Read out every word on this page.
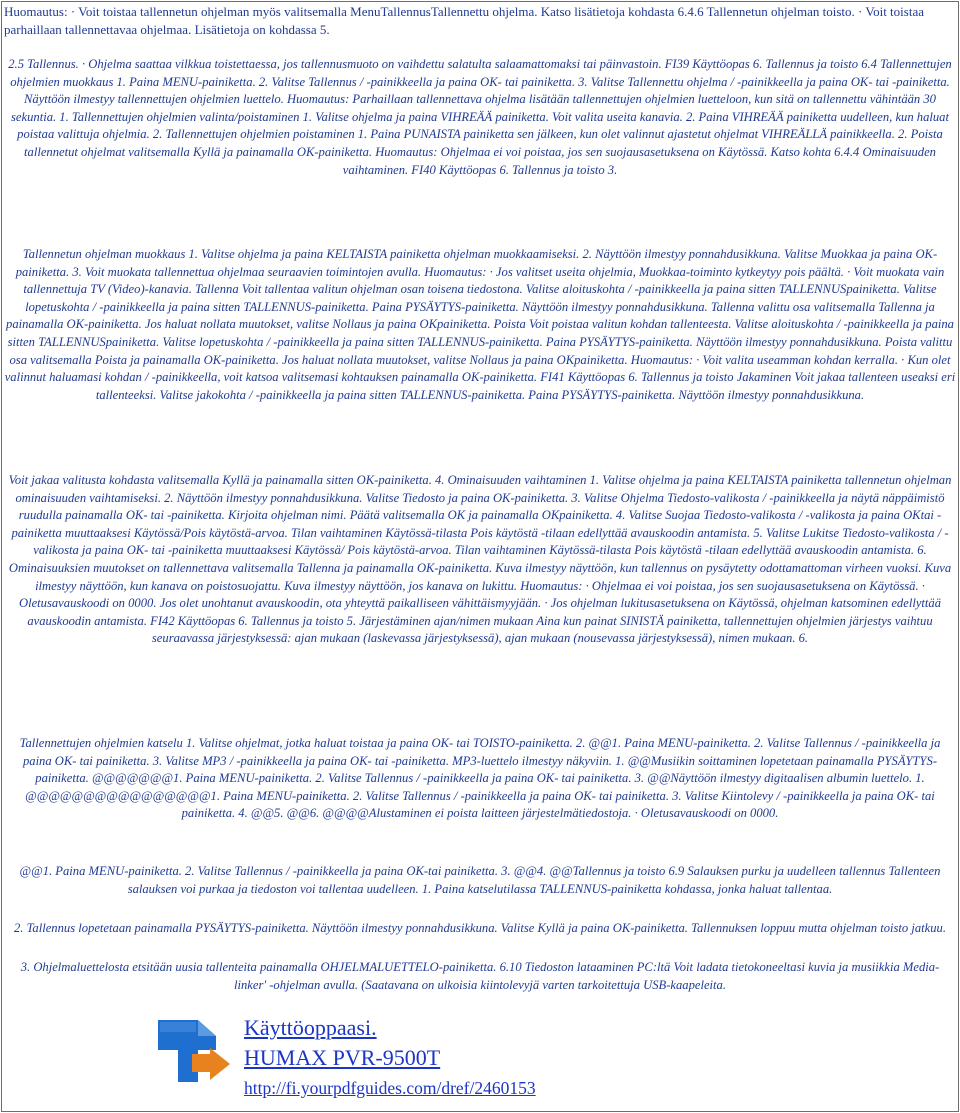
Huomautus: · Voit toistaa tallennetun ohjelman myös valitsemalla MenuTallennusTallennettu ohjelma. Katso lisätietoja kohdasta 6.4.6 Tallennetun ohjelman toisto. · Voit toistaa parhaillaan tallennettavaa ohjelmaa. Lisätietoja on kohdassa 5.

2.5 Tallennus. · Ohjelma saattaa vilkkua toistettaessa, jos tallennusmuoto on vaihdettu salatulta salaamattomaksi tai päinvastoin. FI39 Käyttöopas 6. Tallennus ja toisto 6.4 Tallennettujen ohjelmien muokkaus 1. Paina MENU-painiketta. 2. Valitse Tallennus / -painikkeella ja paina OK- tai painiketta. 3. Valitse Tallennettu ohjelma / -painikkeella ja paina OK- tai -painiketta. Näyttöön ilmestyy tallennettujen ohjelmien luettelo. Huomautus: Parhaillaan tallennettava ohjelma lisätään tallennettujen ohjelmien luetteloon, kun sitä on tallennettu vähintään 30 sekuntia. 1. Tallennettujen ohjelmien valinta/poistaminen 1. Valitse ohjelma ja paina VIHREÄÄ painiketta. Voit valita useita kanavia. 2. Paina VIHREÄÄ painiketta uudelleen, kun haluat poistaa valittuja ohjelmia. 2. Tallennettujen ohjelmien poistaminen 1. Paina PUNAISTA painiketta sen jälkeen, kun olet valinnut ajastetut ohjelmat VIHREÄLLÄ painikkeella. 2. Poista tallennetut ohjelmat valitsemalla Kyllä ja painamalla OK-painiketta. Huomautus: Ohjelmaa ei voi poistaa, jos sen suojausasetuksena on Käytössä. Katso kohta 6.4.4 Ominaisuuden vaihtaminen. FI40 Käyttöopas 6. Tallennus ja toisto 3.

Tallennetun ohjelman muokkaus 1. Valitse ohjelma ja paina KELTAISTA painiketta ohjelman muokkaamiseksi. 2. Näyttöön ilmestyy ponnahdusikkuna. Valitse Muokkaa ja paina OK-painiketta. 3. Voit muokata tallennettua ohjelmaa seuraavien toimintojen avulla. Huomautus: · Jos valitset useita ohjelmia, Muokkaa-toiminto kytkeytyy pois päältä. · Voit muokata vain tallennettuja TV (Video)-kanavia. Tallenna Voit tallentaa valitun ohjelman osan toisena tiedostona. Valitse aloituskohta / -painikkeella ja paina sitten TALLENNUSpainiketta. Valitse lopetuskohta / -painikkeella ja paina sitten TALLENNUS-painiketta. Paina PYSÄYTYS-painiketta. Näyttöön ilmestyy ponnahdusikkuna. Tallenna valittu osa valitsemalla Tallenna ja painamalla OK-painiketta. Jos haluat nollata muutokset, valitse Nollaus ja paina OKpainiketta. Poista Voit poistaa valitun kohdan tallenteesta. Valitse aloituskohta / -painikkeella ja paina sitten TALLENNUSpainiketta. Valitse lopetuskohta / -painikkeella ja paina sitten TALLENNUS-painiketta. Paina PYSÄYTYS-painiketta. Näyttöön ilmestyy ponnahdusikkuna. Poista valittu osa valitsemalla Poista ja painamalla OK-painiketta. Jos haluat nollata muutokset, valitse Nollaus ja paina OKpainiketta. Huomautus: · Voit valita useamman kohdan kerralla. · Kun olet valinnut haluamasi kohdan / -painikkeella, voit katsoa valitsemasi kohtauksen painamalla OK-painiketta. FI41 Käyttöopas 6. Tallennus ja toisto Jakaminen Voit jakaa tallenteen useaksi eri tallenteeksi. Valitse jakokohta / -painikkeella ja paina sitten TALLENNUS-painiketta. Paina PYSÄYTYS-painiketta. Näyttöön ilmestyy ponnahdusikkuna.

Voit jakaa valitusta kohdasta valitsemalla Kyllä ja painamalla sitten OK-painiketta. 4. Ominaisuuden vaihtaminen 1. Valitse ohjelma ja paina KELTAISTA painiketta tallennetun ohjelman ominaisuuden vaihtamiseksi. 2. Näyttöön ilmestyy ponnahdusikkuna. Valitse Tiedosto ja paina OK-painiketta. 3. Valitse Ohjelma Tiedosto-valikosta / -painikkeella ja näytä näppäimistö ruudulla painamalla OK- tai -painiketta. Kirjoita ohjelman nimi. Päätä valitsemalla OK ja painamalla OKpainiketta. 4. Valitse Suojaa Tiedosto-valikosta / -valikosta ja paina OKtai -painiketta muuttaaksesi Käytössä/Pois käytöstä-arvoa. Tilan vaihtaminen Käytössä-tilasta Pois käytöstä -tilaan edellyttää avauskoodin antamista. 5. Valitse Lukitse Tiedosto-valikosta / -valikosta ja paina OK- tai -painiketta muuttaaksesi Käytössä/ Pois käytöstä-arvoa. Tilan vaihtaminen Käytössä-tilasta Pois käytöstä -tilaan edellyttää avauskoodin antamista. 6. Ominaisuuksien muutokset on tallennettava valitsemalla Tallenna ja painamalla OK-painiketta. Kuva ilmestyy näyttöön, kun tallennus on pysäytetty odottamattoman virheen vuoksi. Kuva ilmestyy näyttöön, kun kanava on poistosuojattu. Kuva ilmestyy näyttöön, jos kanava on lukittu. Huomautus: · Ohjelmaa ei voi poistaa, jos sen suojausasetuksena on Käytössä. · Oletusavauskoodi on 0000. Jos olet unohtanut avauskoodin, ota yhteyttä paikalliseen vähittäismyyjään. · Jos ohjelman lukitusasetuksena on Käytössä, ohjelman katsominen edellyttää avauskoodin antamista. FI42 Käyttöopas 6. Tallennus ja toisto 5. Järjestäminen ajan/nimen mukaan Aina kun painat SINISTÄ painiketta, tallennettujen ohjelmien järjestys vaihtuu seuraavassa järjestyksessä: ajan mukaan (laskevassa järjestyksessä), ajan mukaan (nousevassa järjestyksessä), nimen mukaan. 6.

Tallennettujen ohjelmien katselu 1. Valitse ohjelmat, jotka haluat toistaa ja paina OK- tai TOISTO-painiketta. 2. @@1. Paina MENU-painiketta. 2. Valitse Tallennus / -painikkeella ja paina OK- tai painiketta. 3. Valitse MP3 / -painikkeella ja paina OK- tai -painiketta. MP3-luettelo ilmestyy näkyviin. 1. @@Musiikin soittaminen lopetetaan painamalla PYSÄYTYS-painiketta. @@@@@@@1. Paina MENU-painiketta. 2. Valitse Tallennus / -painikkeella ja paina OK- tai painiketta. 3. @@Näyttöön ilmestyy digitaalisen albumin luettelo. 1. @@@@@@@@@@@@@@@@1. Paina MENU-painiketta. 2. Valitse Tallennus / -painikkeella ja paina OK- tai painiketta. 3. Valitse Kiintolevy / -painikkeella ja paina OK- tai painiketta. 4. @@5. @@6. @@@@Alustaminen ei poista laitteen järjestelmätiedostoja. · Oletusavauskoodi on 0000.

@@1. Paina MENU-painiketta. 2. Valitse Tallennus / -painikkeella ja paina OK-tai painiketta. 3. @@4. @@Tallennus ja toisto 6.9 Salauksen purku ja uudelleen tallennus Tallenteen salauksen voi purkaa ja tiedoston voi tallentaa uudelleen. 1. Paina katselutilassa TALLENNUS-painiketta kohdassa, jonka haluat tallentaa.

2. Tallennus lopetetaan painamalla PYSÄYTYS-painiketta. Näyttöön ilmestyy ponnahdusikkuna. Valitse Kyllä ja paina OK-painiketta. Tallennuksen loppuu mutta ohjelman toisto jatkuu.

3. Ohjelmaluettelosta etsitään uusia tallenteita painamalla OHJELMALUETTELO-painiketta. 6.10 Tiedoston lataaminen PC:ltä Voit ladata tietokoneeltasi kuvia ja musiikkia Media- linker' -ohjelman avulla. (Saatavana on ulkoisia kiintolevyjä varten tarkoitettuja USB-kaapeleita.

Käyttöoppaasi.
HUMAX PVR-9500T
http://fi.yourpdfguides.com/dref/2460153
